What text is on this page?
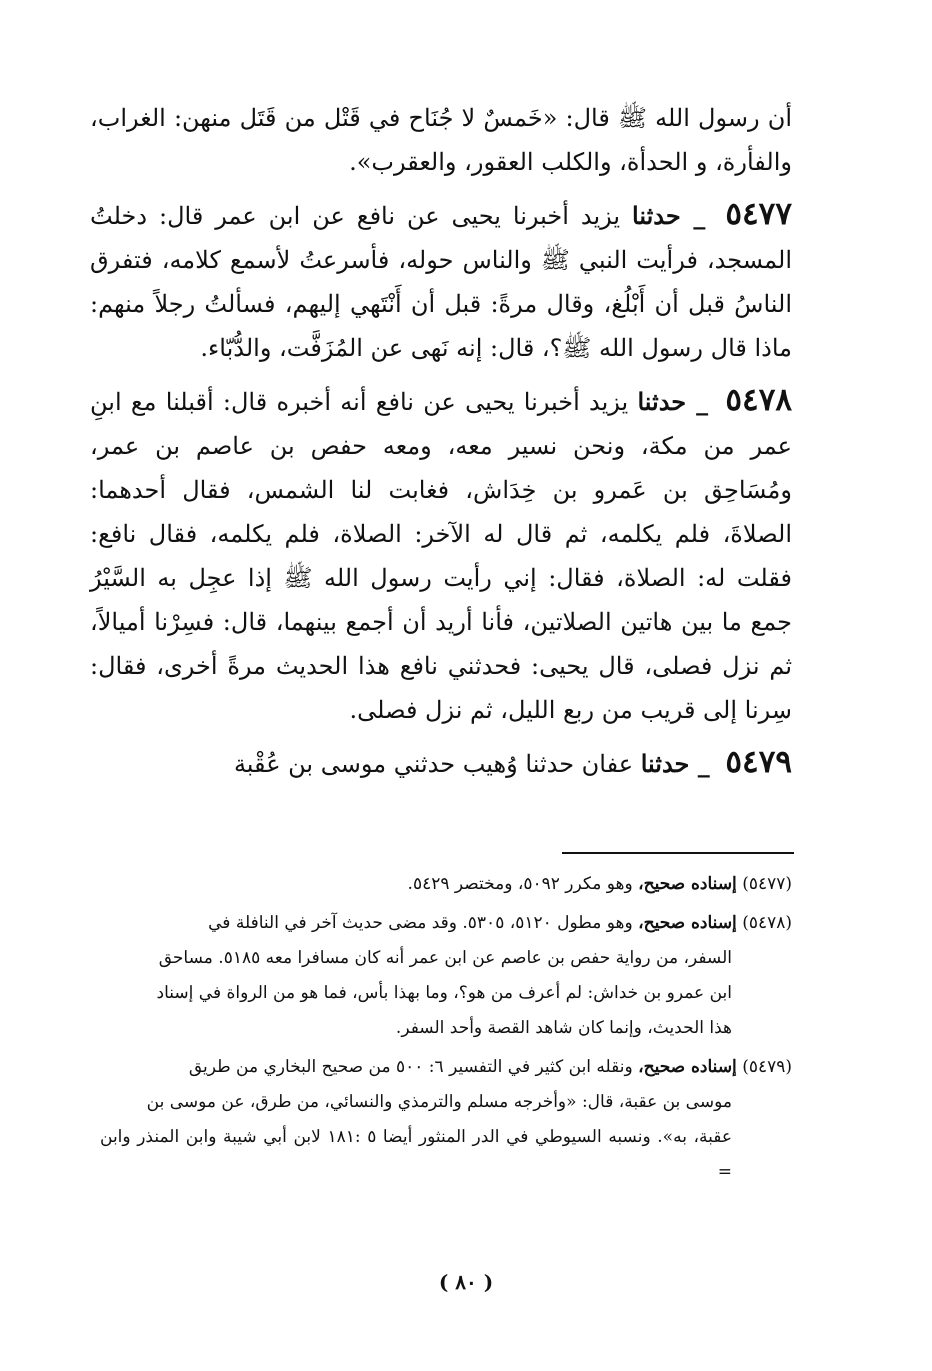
أن رسول الله ﷺ قال: «خَمسٌ لا جُنَاح في قَتْل من قَتَل منهن: الغراب، والفأرة، و الحدأة، والكلب العقور، والعقرب».

٥٤٧٧ _ حدثنا يزيد أخبرنا يحيى عن نافع عن ابن عمر قال: دخلتُ المسجد، فرأيت النبي ﷺ والناس حوله، فأسرعتُ لأسمع كلامه، فتفرق الناسُ قبل أن أَبْلُغ، وقال مرةً: قبل أن أَنْتَهي إليهم، فسألتُ رجلاً منهم: ماذا قال رسول الله ﷺ؟، قال: إنه نَهى عن المُزَفَّت، والدُّبّاء.

٥٤٧٨ _ حدثنا يزيد أخبرنا يحيى عن نافع أنه أخبره قال: أقبلنا مع ابنِ عمر من مكة، ونحن نسير معه، ومعه حفص بن عاصم بن عمر، ومُسَاحِق بن عَمرو بن خِدَاش، فغابت لنا الشمس، فقال أحدهما: الصلاةَ، فلم يكلمه، ثم قال له الآخر: الصلاة، فلم يكلمه، فقال نافع: فقلت له: الصلاة، فقال: إني رأيت رسول الله ﷺ إذا عجِل به السَّيْرُ جمع ما بين هاتين الصلاتين، فأنا أريد أن أجمع بينهما، قال: فسِرْنا أميالاً، ثم نزل فصلى، قال يحيى: فحدثني نافع هذا الحديث مرةً أخرى، فقال: سِرنا إلى قريب من ربع الليل، ثم نزل فصلى.

٥٤٧٩ _ حدثنا عفان حدثنا وُهيب حدثني موسى بن عُقْبة

(٥٤٧٧) إسناده صحيح، وهو مكرر ٥٠٩٢، ومختصر ٥٤٢٩.

(٥٤٧٨) إسناده صحيح، وهو مطول ٥١٢٠، ٥٣٠٥. وقد مضى حديث آخر في النافلة في
السفر، من رواية حفص بن عاصم عن ابن عمر أنه كان مسافرا معه ٥١٨٥. مساحق
ابن عمرو بن خداش: لم أعرف من هو؟، وما بهذا بأس، فما هو من الرواة في إسناد
هذا الحديث، وإنما كان شاهد القصة وأحد السفر.

(٥٤٧٩) إسناده صحيح، ونقله ابن كثير في التفسير ٦: ٥٠٠ من صحيح البخاري من طريق
موسى بن عقبة، قال: «وأخرجه مسلم والترمذي والنسائي، من طرق، عن موسى بن
عقبة، به». ونسبه السيوطي في الدر المنثور أيضا ٥ :١٨١ لابن أبي شيبة وابن المنذر وابن =

( ٨٠ )
